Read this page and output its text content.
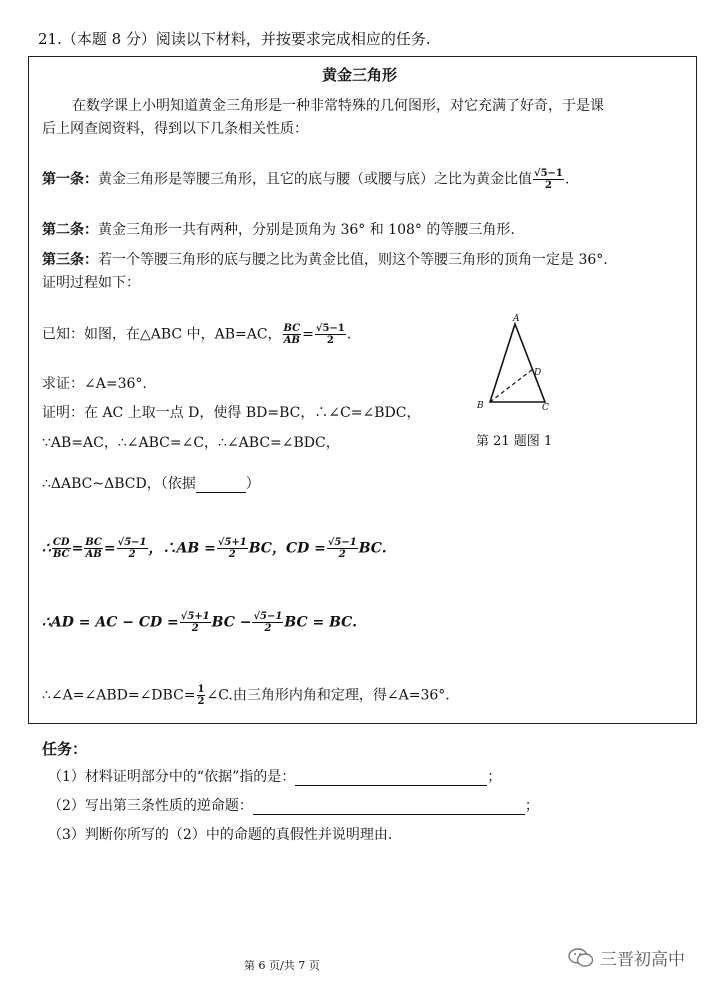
21.（本题 8 分）阅读以下材料，并按要求完成相应的任务.
黄金三角形
在数学课上小明知道黄金三角形是一种非常特殊的几何图形，对它充满了好奇，于是课
后上网查阅资料，得到以下几条相关性质：
第一条：黄金三角形是等腰三角形，且它的底与腰（或腰与底）之比为黄金比值 $\frac{√5-1}{2}$ .
第二条：黄金三角形一共有两种，分别是顶角为 36° 和 108° 的等腰三角形.
第三条：若一个等腰三角形的底与腰之比为黄金比值，则这个等腰三角形的顶角一定是 36°.
证明过程如下：
已知：如图，在△ABC 中，AB=AC， $\frac{BC}{AB} = \frac{√5-1}{2}$ .
求证：∠A=36°.
证明：在 AC 上取一点 D，使得 BD=BC，∴∠C=∠BDC，
∵AB=AC，∴∠ABC=∠C，∴∠ABC=∠BDC，
∴ΔABC~ΔBCD，（依据	）
∴ $\frac{CD}{BC} = \frac{BC}{AB} = \frac{√5-1}{2}$ ，∴AB = $\frac{√5+1}{2}$ BC，CD = $\frac{√5-1}{2}$ BC.
∴AD = AC − CD = $\frac{√5+1}{2}$ BC − $\frac{√5-1}{2}$ BC = BC.
∴∠A=∠ABD=∠DBC= $\frac{1}{2}$ ∠C.由三角形内角和定理，得∠A=36°.
A
B	C
D
第 21 题图 1
任务：
（1）材料证明部分中的“依据”指的是：	；
（2）写出第三条性质的逆命题：	；
（3）判断你所写的（2）中的命题的真假性并说明理由.
第 6 页/共 7 页	三晋初高中
